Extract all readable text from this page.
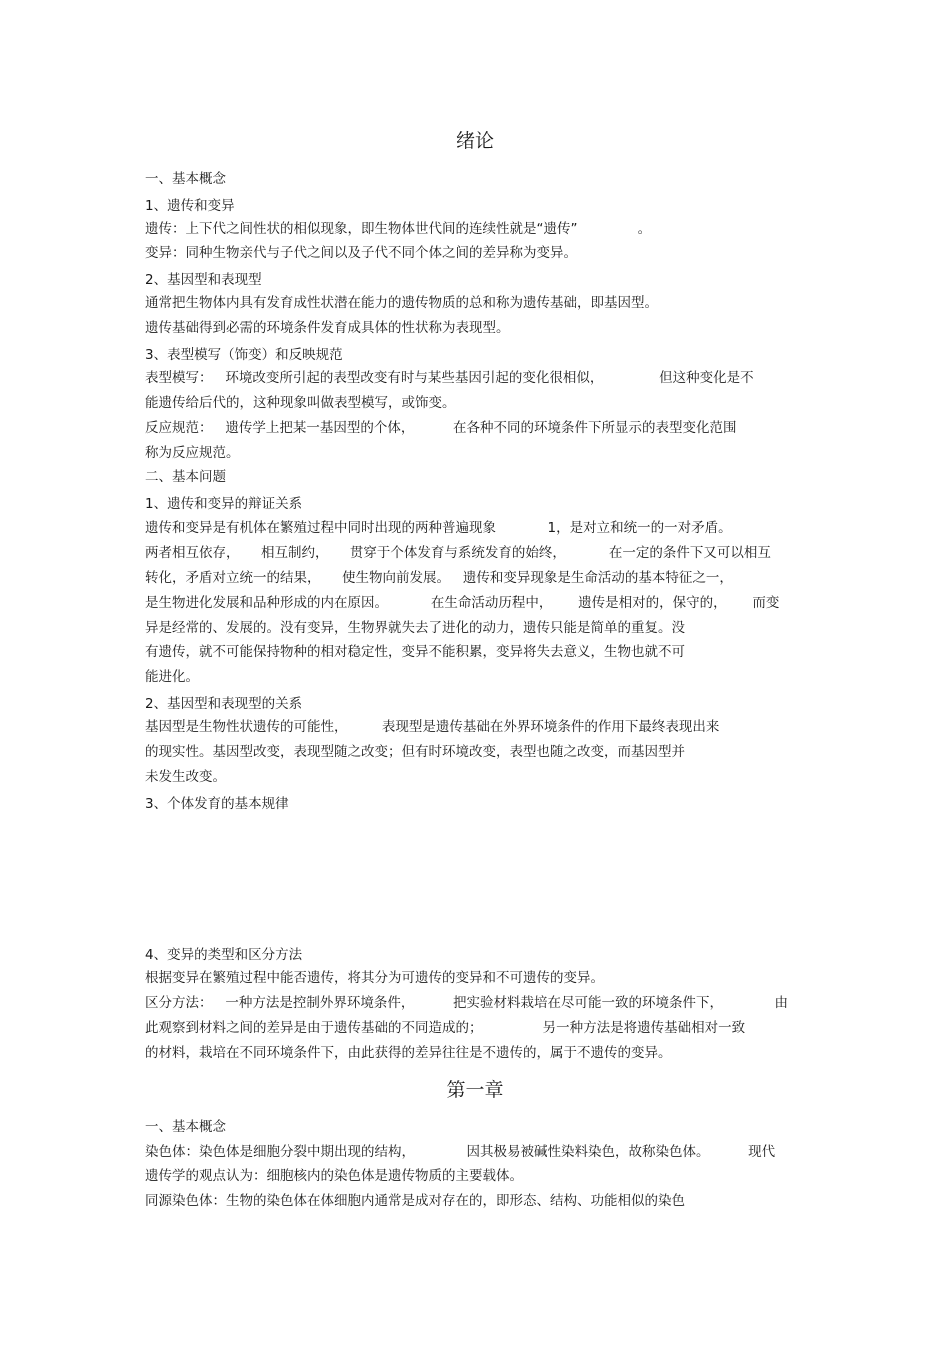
绪论
一、基本概念
1、遗传和变异
遗传：上下代之间性状的相似现象，即生物体世代间的连续性就是“遗传”              。
变异：同种生物亲代与子代之间以及子代不同个体之间的差异称为变异。
2、基因型和表现型
通常把生物体内具有发育成性状潜在能力的遗传物质的总和称为遗传基础，即基因型。
遗传基础得到必需的环境条件发育成具体的性状称为表现型。
3、表型模写（饰变）和反映规范
表型模写：   环境改变所引起的表型改变有时与某些基因引起的变化很相似，             但这种变化是不
能遗传给后代的，这种现象叫做表型模写，或饰变。
反应规范：   遗传学上把某一基因型的个体，         在各种不同的环境条件下所显示的表型变化范围
称为反应规范。
二、基本问题
1、遗传和变异的辩证关系
遗传和变异是有机体在繁殖过程中同时出现的两种普遍现象            1，是对立和统一的一对矛盾。
两者相互依存，     相互制约，     贯穿于个体发育与系统发育的始终，          在一定的条件下又可以相互
转化，矛盾对立统一的结果，     使生物向前发展。   遗传和变异现象是生命活动的基本特征之一，
是生物进化发展和品种形成的内在原因。          在生命活动历程中，      遗传是相对的，保守的，      而变
异是经常的、发展的。没有变异，生物界就失去了进化的动力，遗传只能是简单的重复。没
有遗传，就不可能保持物种的相对稳定性，变异不能积累，变异将失去意义，生物也就不可
能进化。
2、基因型和表现型的关系
基因型是生物性状遗传的可能性，        表现型是遗传基础在外界环境条件的作用下最终表现出来
的现实性。基因型改变，表现型随之改变；但有时环境改变，表型也随之改变，而基因型并
未发生改变。
3、个体发育的基本规律
4、变异的类型和区分方法
根据变异在繁殖过程中能否遗传，将其分为可遗传的变异和不可遗传的变异。
区分方法：   一种方法是控制外界环境条件，         把实验材料栽培在尽可能一致的环境条件下，            由
此观察到材料之间的差异是由于遗传基础的不同造成的；              另一种方法是将遗传基础相对一致
的材料，栽培在不同环境条件下，由此获得的差异往往是不遗传的，属于不遗传的变异。
第一章
一、基本概念
染色体：染色体是细胞分裂中期出现的结构，            因其极易被碱性染料染色，故称染色体。         现代
遗传学的观点认为：细胞核内的染色体是遗传物质的主要载体。
同源染色体：生物的染色体在体细胞内通常是成对存在的，即形态、结构、功能相似的染色
